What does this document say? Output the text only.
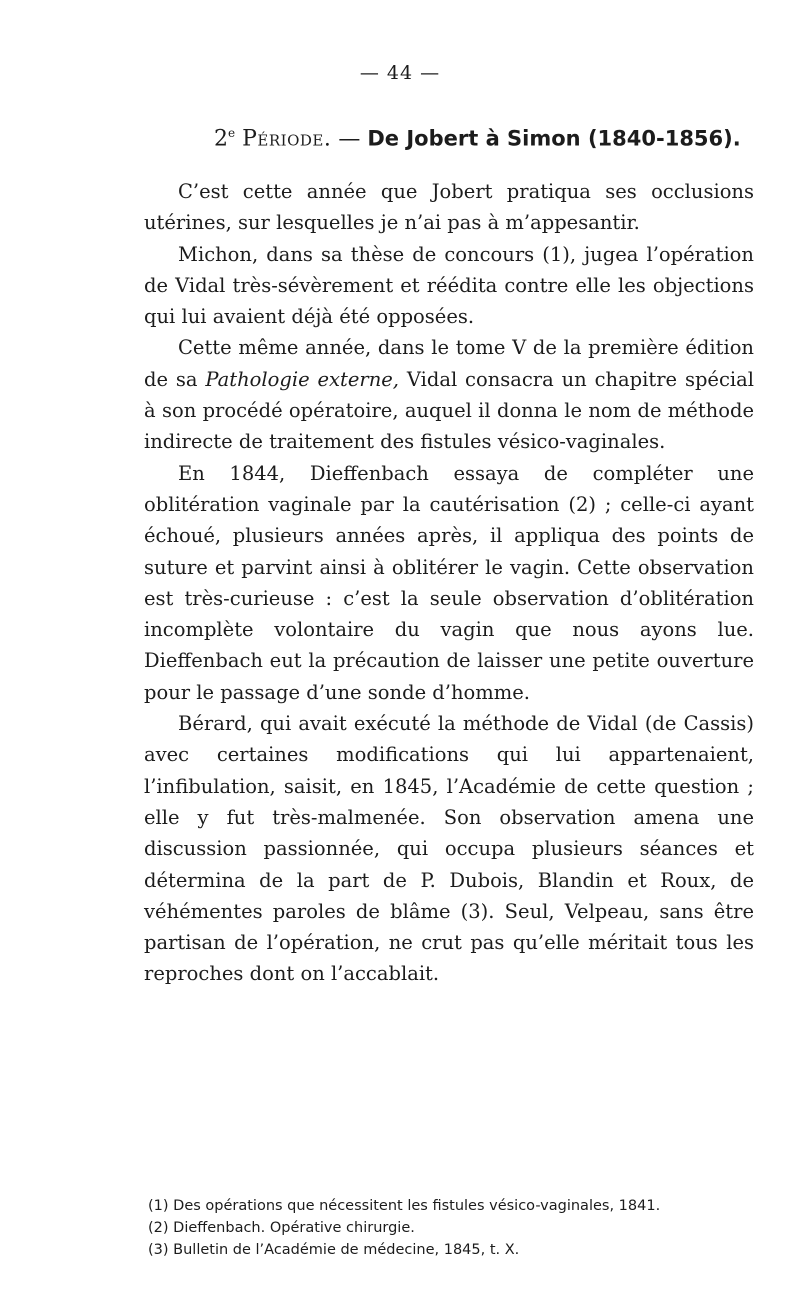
— 44 —
2e Période. — De Jobert à Simon (1840-1856).

C’est cette année que Jobert pratiqua ses occlusions utérines, sur lesquelles je n’ai pas à m’appesantir.

Michon, dans sa thèse de concours (1), jugea l’opération de Vidal très-sévèrement et réédita contre elle les objections qui lui avaient déjà été opposées.

Cette même année, dans le tome V de la première édition de sa Pathologie externe, Vidal consacra un chapitre spécial à son procédé opératoire, auquel il donna le nom de méthode indirecte de traitement des fistules vésico-vaginales.

En 1844, Dieffenbach essaya de compléter une oblitération vaginale par la cautérisation (2) ; celle-ci ayant échoué, plusieurs années après, il appliqua des points de suture et parvint ainsi à oblitérer le vagin. Cette observation est très-curieuse : c’est la seule observation d’oblitération incomplète volontaire du vagin que nous ayons lue. Dieffenbach eut la précaution de laisser une petite ouverture pour le passage d’une sonde d’homme.

Bérard, qui avait exécuté la méthode de Vidal (de Cassis) avec certaines modifications qui lui appartenaient, l’infibulation, saisit, en 1845, l’Académie de cette question ; elle y fut très-malmenée. Son observation amena une discussion passionnée, qui occupa plusieurs séances et détermina de la part de P. Dubois, Blandin et Roux, de véhémentes paroles de blâme (3). Seul, Velpeau, sans être partisan de l’opération, ne crut pas qu’elle méritait tous les reproches dont on l’accablait.

(1) Des opérations que nécessitent les fistules vésico-vaginales, 1841.

(2) Dieffenbach. Opérative chirurgie.

(3) Bulletin de l’Académie de médecine, 1845, t. X.
